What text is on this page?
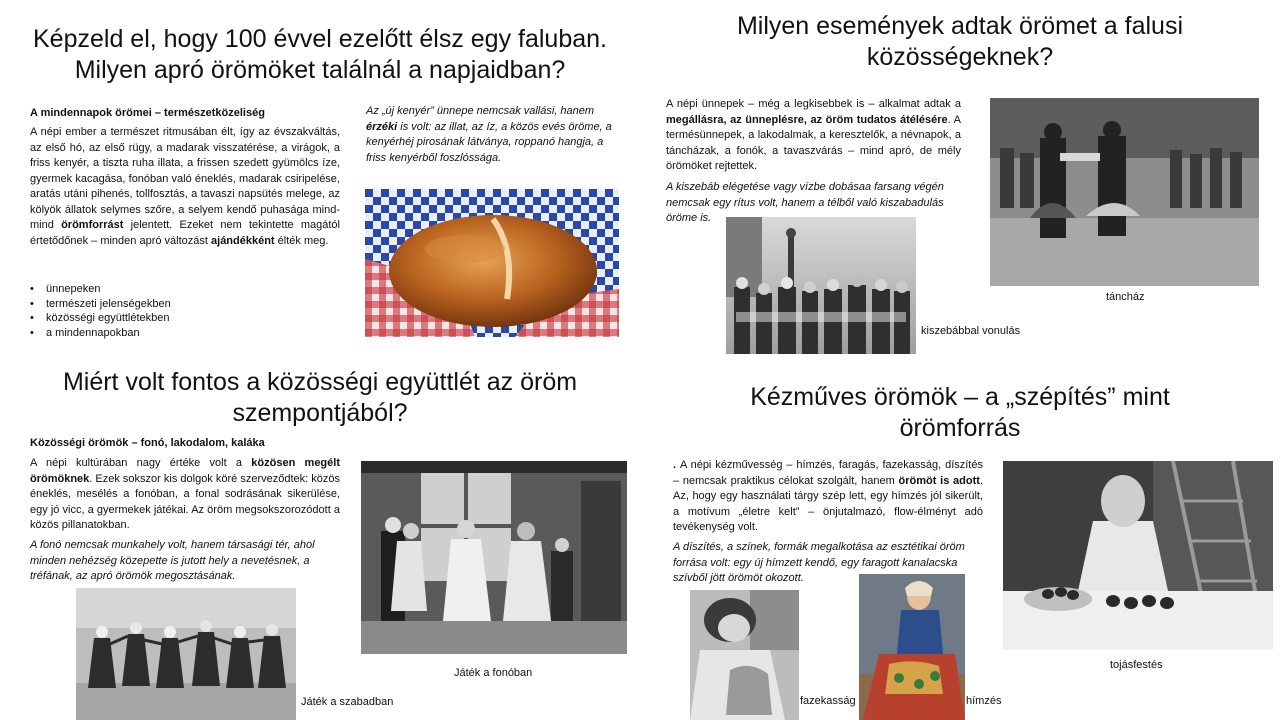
Képzeld el, hogy 100 évvel ezelőtt élsz egy faluban.
Milyen apró örömöket találnál a napjaidban?

A mindennapok örömei – természetközeliség

A népi ember a természet ritmusában élt, így az évszakváltás, az első hó, az első rügy, a madarak visszatérése, a virágok, a friss kenyér, a tiszta ruha illata, a frissen szedett gyümölcs íze, gyermek kacagása, fonóban való éneklés, madarak csiripelése, aratás utáni pihenés, tollfosztás, a tavaszi napsütés melege, az kölyök állatok selymes szőre, a selyem kendő puhasága mind-mind örömforrást jelentett. Ezeket nem tekintette magától értetődőnek – minden apró változást ajándékként élték meg.

• ünnepeken
• természeti jelenségekben
• közösségi együttlétekben
• a mindennapokban

Az „új kenyér” ünnepe nemcsak vallási, hanem érzéki is volt: az illat, az íz, a közös evés öröme, a kenyérhéj pirosának látványa, roppanó hangja, a friss kenyérből foszlóssága.

Milyen események adtak örömet a falusi
közösségeknek?

A népi ünnepek – még a legkisebbek is – alkalmat adtak a megállásra, az ünneplésre, az öröm tudatos átélésére. A termésünnepek, a lakodalmak, a keresztelők, a névnapok, a táncházak, a fonók, a tavaszvárás – mind apró, de mély örömöket rejtettek.

A kiszebáb elégetése vagy vízbe dobásaa farsang végén nemcsak egy rítus volt, hanem a télből való kiszabadulás öröme is.

kiszebábbal vonulás
táncház

Miért volt fontos a közösségi együttlét az öröm
szempontjából?

Közösségi örömök – fonó, lakodalom, kaláka

A népi kultúrában nagy értéke volt a közösen megélt örömöknek. Ezek sokszor kis dolgok köré szerveződtek: közös éneklés, mesélés a fonóban, a fonal sodrásának sikerülése, egy jó vicc, a gyermekek játékai. Az öröm megsokszorozódott a közös pillanatokban.

A fonó nemcsak munkahely volt, hanem társasági tér, ahol minden nehézség közepette is jutott hely a nevetésnek, a tréfának, az apró örömök megosztásának.

Játék a fonóban
Játék a szabadban

Kézműves örömök – a „szépítés” mint
örömforrás

. A népi kézművesség – hímzés, faragás, fazekasság, díszítés – nemcsak praktikus célokat szolgált, hanem örömöt is adott. Az, hogy egy használati tárgy szép lett, egy hímzés jól sikerült, a motívum „életre kelt” – önjutalmazó, flow-élményt adó tevékenység volt.

A díszítés, a színek, formák megalkotása az esztétikai öröm forrása volt: egy új hímzett kendő, egy faragott kanalacska szívből jött örömöt okozott.

tojásfestés
fazekasság	hímzés
